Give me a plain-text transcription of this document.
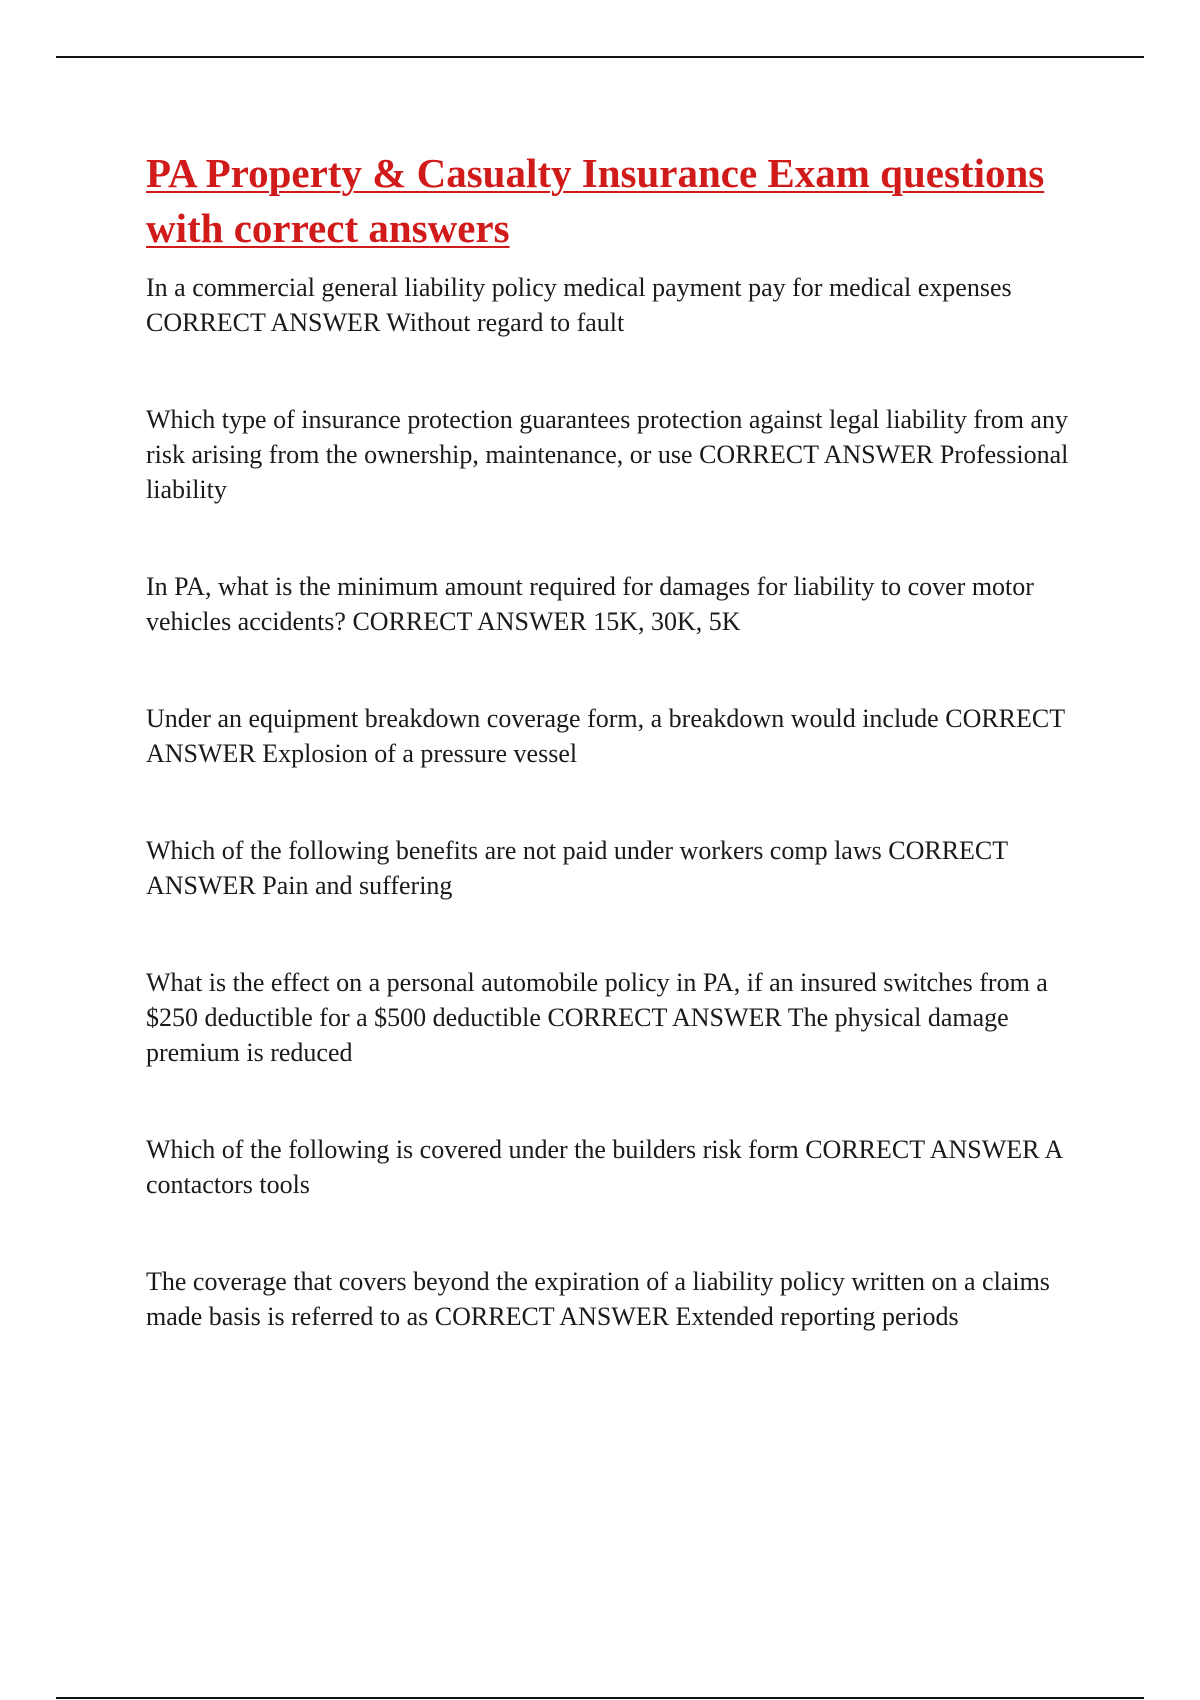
PA Property & Casualty Insurance Exam questions with correct answers
In a commercial general liability policy medical payment pay for medical expenses CORRECT ANSWER Without regard to fault
Which type of insurance protection guarantees protection against legal liability from any risk arising from the ownership, maintenance, or use CORRECT ANSWER Professional liability
In PA, what is the minimum amount required for damages for liability to cover motor vehicles accidents? CORRECT ANSWER 15K, 30K, 5K
Under an equipment breakdown coverage form, a breakdown would include CORRECT ANSWER Explosion of a pressure vessel
Which of the following benefits are not paid under workers comp laws CORRECT ANSWER Pain and suffering
What is the effect on a personal automobile policy in PA, if an insured switches from a $250 deductible for a $500 deductible CORRECT ANSWER The physical damage premium is reduced
Which of the following is covered under the builders risk form CORRECT ANSWER A contactors tools
The coverage that covers beyond the expiration of a liability policy written on a claims made basis is referred to as CORRECT ANSWER Extended reporting periods
